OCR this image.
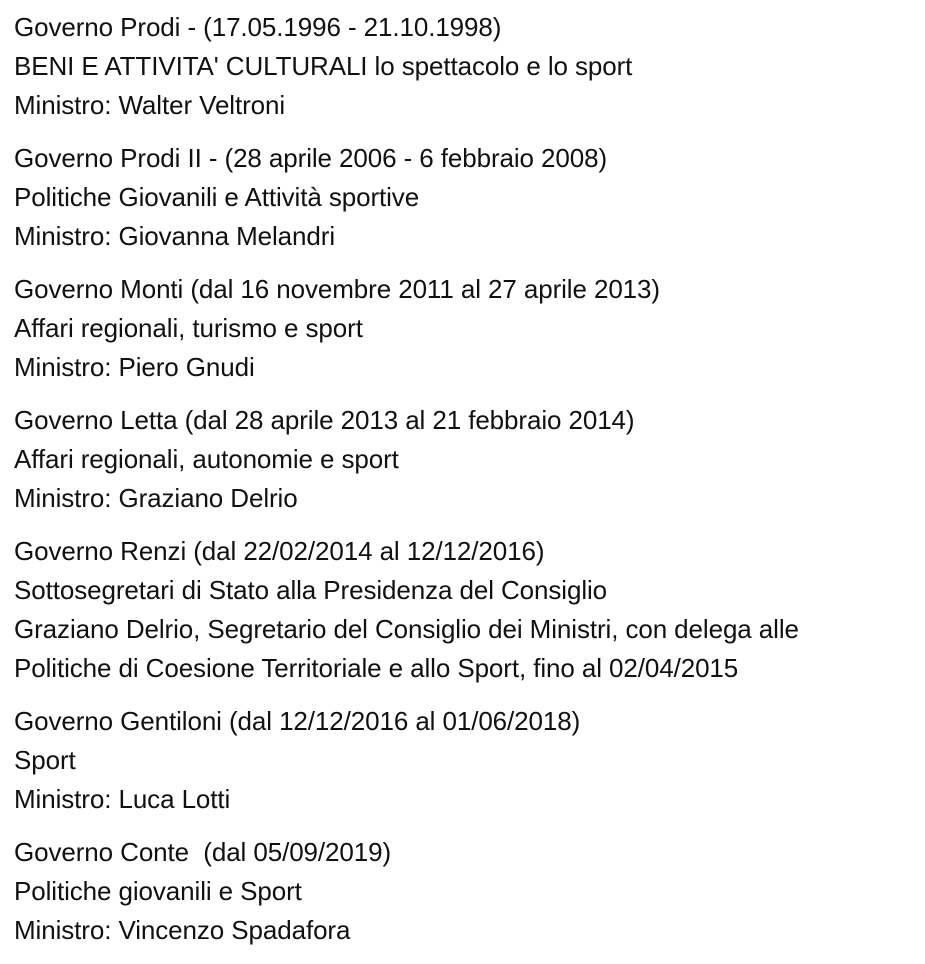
Governo Prodi - (17.05.1996 - 21.10.1998)
BENI E ATTIVITA' CULTURALI lo spettacolo e lo sport
Ministro: Walter Veltroni
Governo Prodi II - (28 aprile 2006 - 6 febbraio 2008)
Politiche Giovanili e Attività sportive
Ministro: Giovanna Melandri
Governo Monti (dal 16 novembre 2011 al 27 aprile 2013)
Affari regionali, turismo e sport
Ministro: Piero Gnudi
Governo Letta (dal 28 aprile 2013 al 21 febbraio 2014)
Affari regionali, autonomie e sport
Ministro: Graziano Delrio
Governo Renzi (dal 22/02/2014 al 12/12/2016)
Sottosegretari di Stato alla Presidenza del Consiglio
Graziano Delrio, Segretario del Consiglio dei Ministri, con delega alle
Politiche di Coesione Territoriale e allo Sport, fino al 02/04/2015
Governo Gentiloni (dal 12/12/2016 al 01/06/2018)
Sport
Ministro: Luca Lotti
Governo Conte  (dal 05/09/2019)
Politiche giovanili e Sport
Ministro: Vincenzo Spadafora
